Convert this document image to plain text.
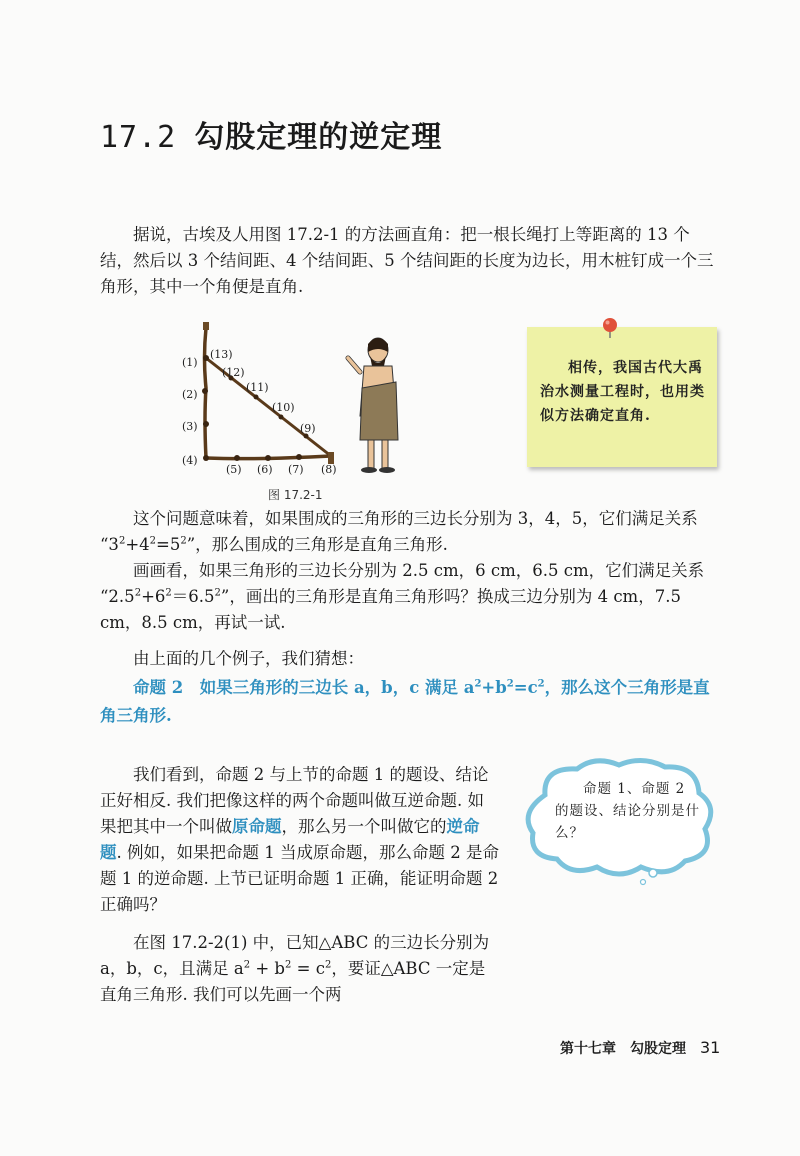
17.2 勾股定理的逆定理
据说，古埃及人用图 17.2-1 的方法画直角：把一根长绳打上等距离的 13 个结，然后以 3 个结间距、4 个结间距、5 个结间距的长度为边长，用木桩钉成一个三角形，其中一个角便是直角.
(1)
(2)
(3)
(4)
(5) (6) (7) (8)
(9)
(10)
(11)
(12)
(13)
图 17.2-1
相传，我国古代大禹治水测量工程时，也用类似方法确定直角.
这个问题意味着，如果围成的三角形的三边长分别为 3，4，5，它们满足关系 “$3^2+4^2=5^2$”，那么围成的三角形是直角三角形.
画画看，如果三角形的三边长分别为 2.5 cm，6 cm，6.5 cm，它们满足关系 “$2.5^2+6^2=6.5^2$”，画出的三角形是直角三角形吗？换成三边分别为 4 cm，7.5 cm，8.5 cm，再试一试.
由上面的几个例子，我们猜想：
命题 2　如果三角形的三边长 a，b，c 满足 $a^2+b^2=c^2$，那么这个三角形是直角三角形.
我们看到，命题 2 与上节的命题 1 的题设、结论正好相反. 我们把像这样的两个命题叫做互逆命题. 如果把其中一个叫做原命题，那么另一个叫做它的逆命题. 例如，如果把命题 1 当成原命题，那么命题 2 是命题 1 的逆命题. 上节已证明命题 1 正确，能证明命题 2 正确吗？
在图 17.2-2(1) 中，已知△ABC 的三边长分别为 a，b，c，且满足 $a^2 + b^2 = c^2$，要证△ABC 一定是直角三角形. 我们可以先画一个两
命题 1、命题 2 的题设、结论分别是什么？
第十七章　勾股定理 31
